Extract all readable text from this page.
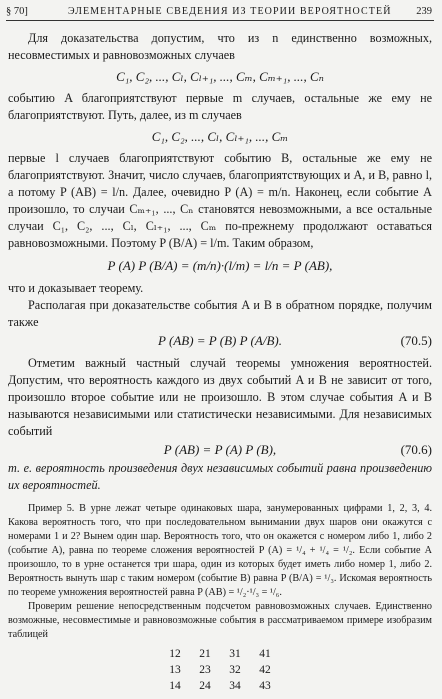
§ 70]	ЭЛЕМЕНТАРНЫЕ СВЕДЕНИЯ ИЗ ТЕОРИИ ВЕРОЯТНОСТЕЙ 239

Для доказательства допустим, что из n единственно возможных, несовместимых и равновозможных случаев

C₁, C₂, ..., Cₗ, Cₗ₊₁, ..., Cₘ, Cₘ₊₁, ..., Cₙ

событию A благоприятствуют первые m случаев, остальные же ему не благоприятствуют. Путь, далее, из m случаев

C₁, C₂, ..., Cₗ, Cₗ₊₁, ..., Cₘ

первые l случаев благоприятствуют событию B, остальные же ему не благоприятствуют. Значит, число случаев, благоприятствующих и A, и B, равно l, а потому P (AB) = l/n. Далее, очевидно P (A) = m/n. Наконец, если событие A произошло, то случаи Cₘ₊₁, ..., Cₙ становятся невозможными, а все остальные случаи C₁, C₂, ..., Cₗ, Cₗ₊₁, ..., Cₘ по-прежнему продолжают оставаться равновозможными. Поэтому P (B/A) = l/m. Таким образом,

P (A) P (B/A) = (m/n)·(l/m) = l/n = P (AB),

что и доказывает теорему.

Располагая при доказательстве события A и B в обратном порядке, получим также

P (AB) = P (B) P (A/B).	(70.5)

Отметим важный частный случай теоремы умножения вероятностей. Допустим, что вероятность каждого из двух событий A и B не зависит от того, произошло второе событие или не произошло. В этом случае события A и B называются независимыми или статистически независимыми. Для независимых событий

P (AB) = P (A) P (B),	(70.6)

т. е. вероятность произведения двух независимых событий равна произведению их вероятностей.

Пример 5. В урне лежат четыре одинаковых шара, занумерованных цифрами 1, 2, 3, 4. Какова вероятность того, что при последовательном вынимании двух шаров они окажутся с номерами 1 и 2? Вынем один шар. Вероятность того, что он окажется с номером либо 1, либо 2 (событие A), равна по теореме сложения вероятностей P (A) = ¹/₄ + ¹/₄ = ¹/₂. Если событие A произошло, то в урне останется три шара, один из которых будет иметь либо номер 1, либо 2. Вероятность вынуть шар с таким номером (событие B) равна P (B/A) = ¹/₃. Искомая вероятность по теореме умножения вероятностей равна P (AB) = ¹/₂·¹/₃ = ¹/₆.

Проверим решение непосредственным подсчетом равновозможных случаев. Единственно возможные, несовместимые и равновозможные события в рассматриваемом примере изобразим таблицей

12	21	31	41
13	23	32	42
14	24	34	43
